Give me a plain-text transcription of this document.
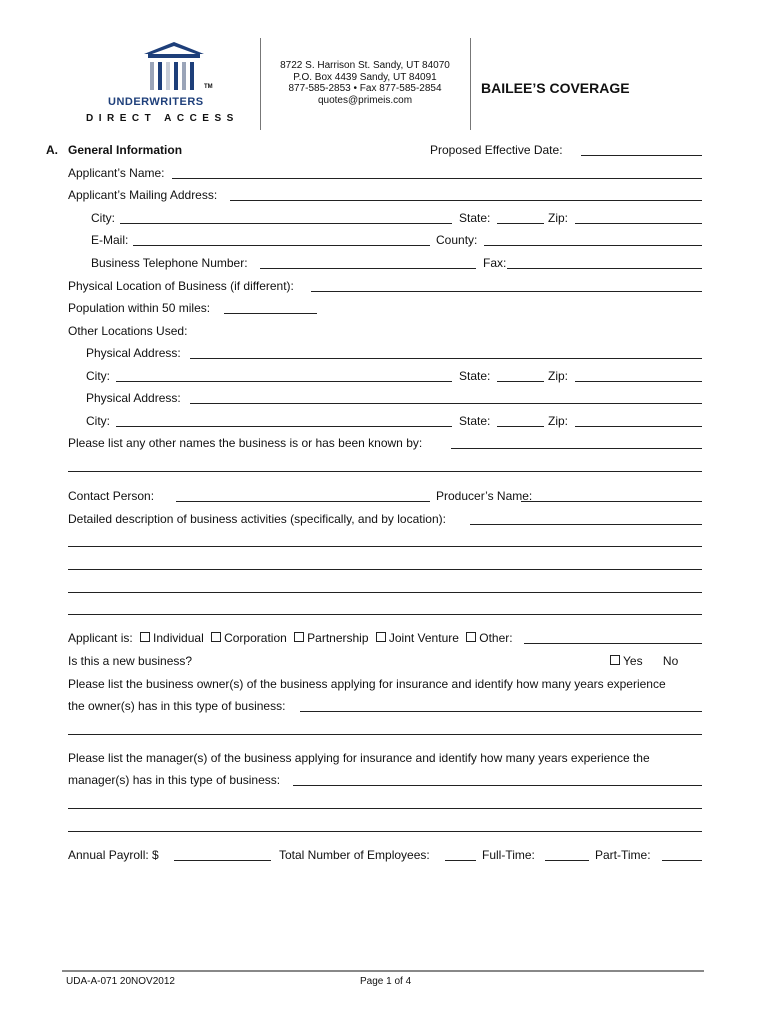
TM
UNDERWRITERS
DIRECT ACCESS
8722 S. Harrison St. Sandy, UT 84070
P.O. Box 4439 Sandy, UT 84091
877-585-2853 • Fax 877-585-2854
quotes@primeis.com
BAILEE’S COVERAGE
A. General Information	Proposed Effective Date:
Applicant’s Name:
Applicant’s Mailing Address:
City:	State:	Zip:
E-Mail:	County:
Business Telephone Number:	Fax:
Physical Location of Business (if different):
Population within 50 miles:
Other Locations Used:
Physical Address:
City:	State:	Zip:
Physical Address:
City:	State:	Zip:
Please list any other names the business is or has been known by:
Contact Person:	Producer’s Name:
Detailed description of business activities (specifically, and by location):
Applicant is: Individual Corporation Partnership Joint Venture Other:
Is this a new business?	Yes No
Please list the business owner(s) of the business applying for insurance and identify how many years experience
the owner(s) has in this type of business:
Please list the manager(s) of the business applying for insurance and identify how many years experience the
manager(s) has in this type of business:
Annual Payroll: $	Total Number of Employees:	Full-Time:	Part-Time:
UDA-A-071 20NOV2012	Page 1 of 4
